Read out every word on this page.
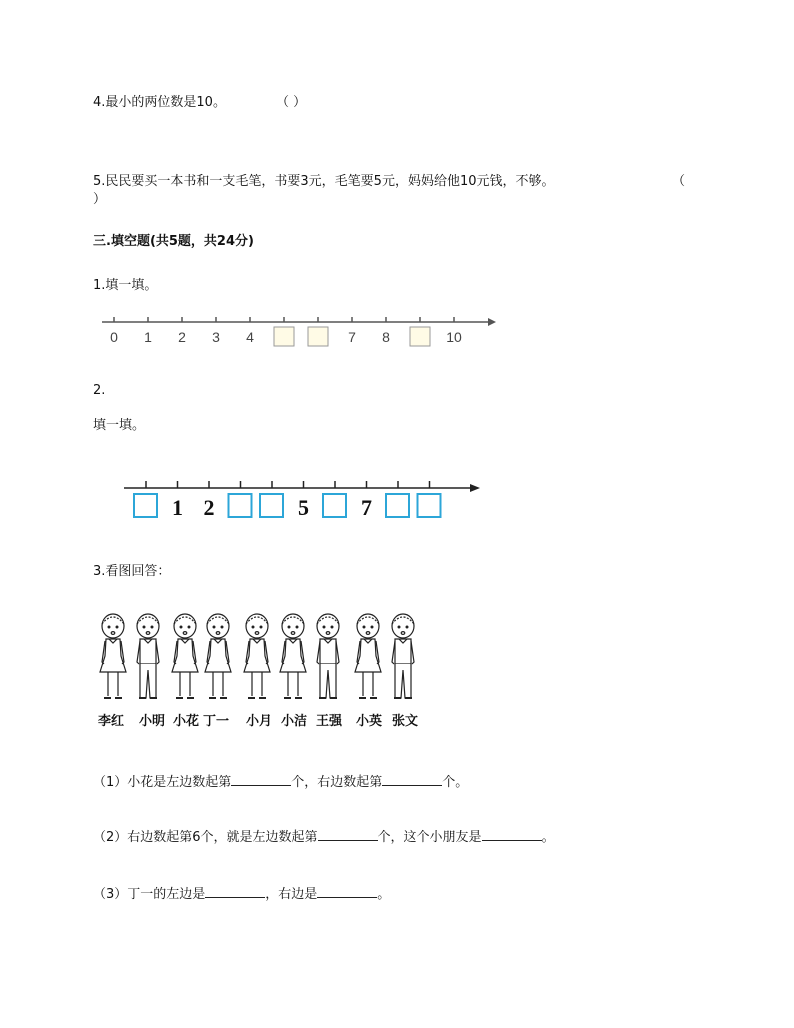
4.最小的两位数是10。	（ ）
5.民民要买一本书和一支毛笔，书要3元，毛笔要5元，妈妈给他10元钱，不够。	（
）
三.填空题(共5题，共24分)
1.填一填。
0 1 2 3 4	7 8	10
2.
填一填。
1 2	5 7
3.看图回答：
李红 小明 小花 丁一 小月 小洁 王强 小英 张文
（1）小花是左边数起第	个，右边数起第	个。
（2）右边数起第6个，就是左边数起第	个，这个小朋友是	。
（3）丁一的左边是	，右边是	。
